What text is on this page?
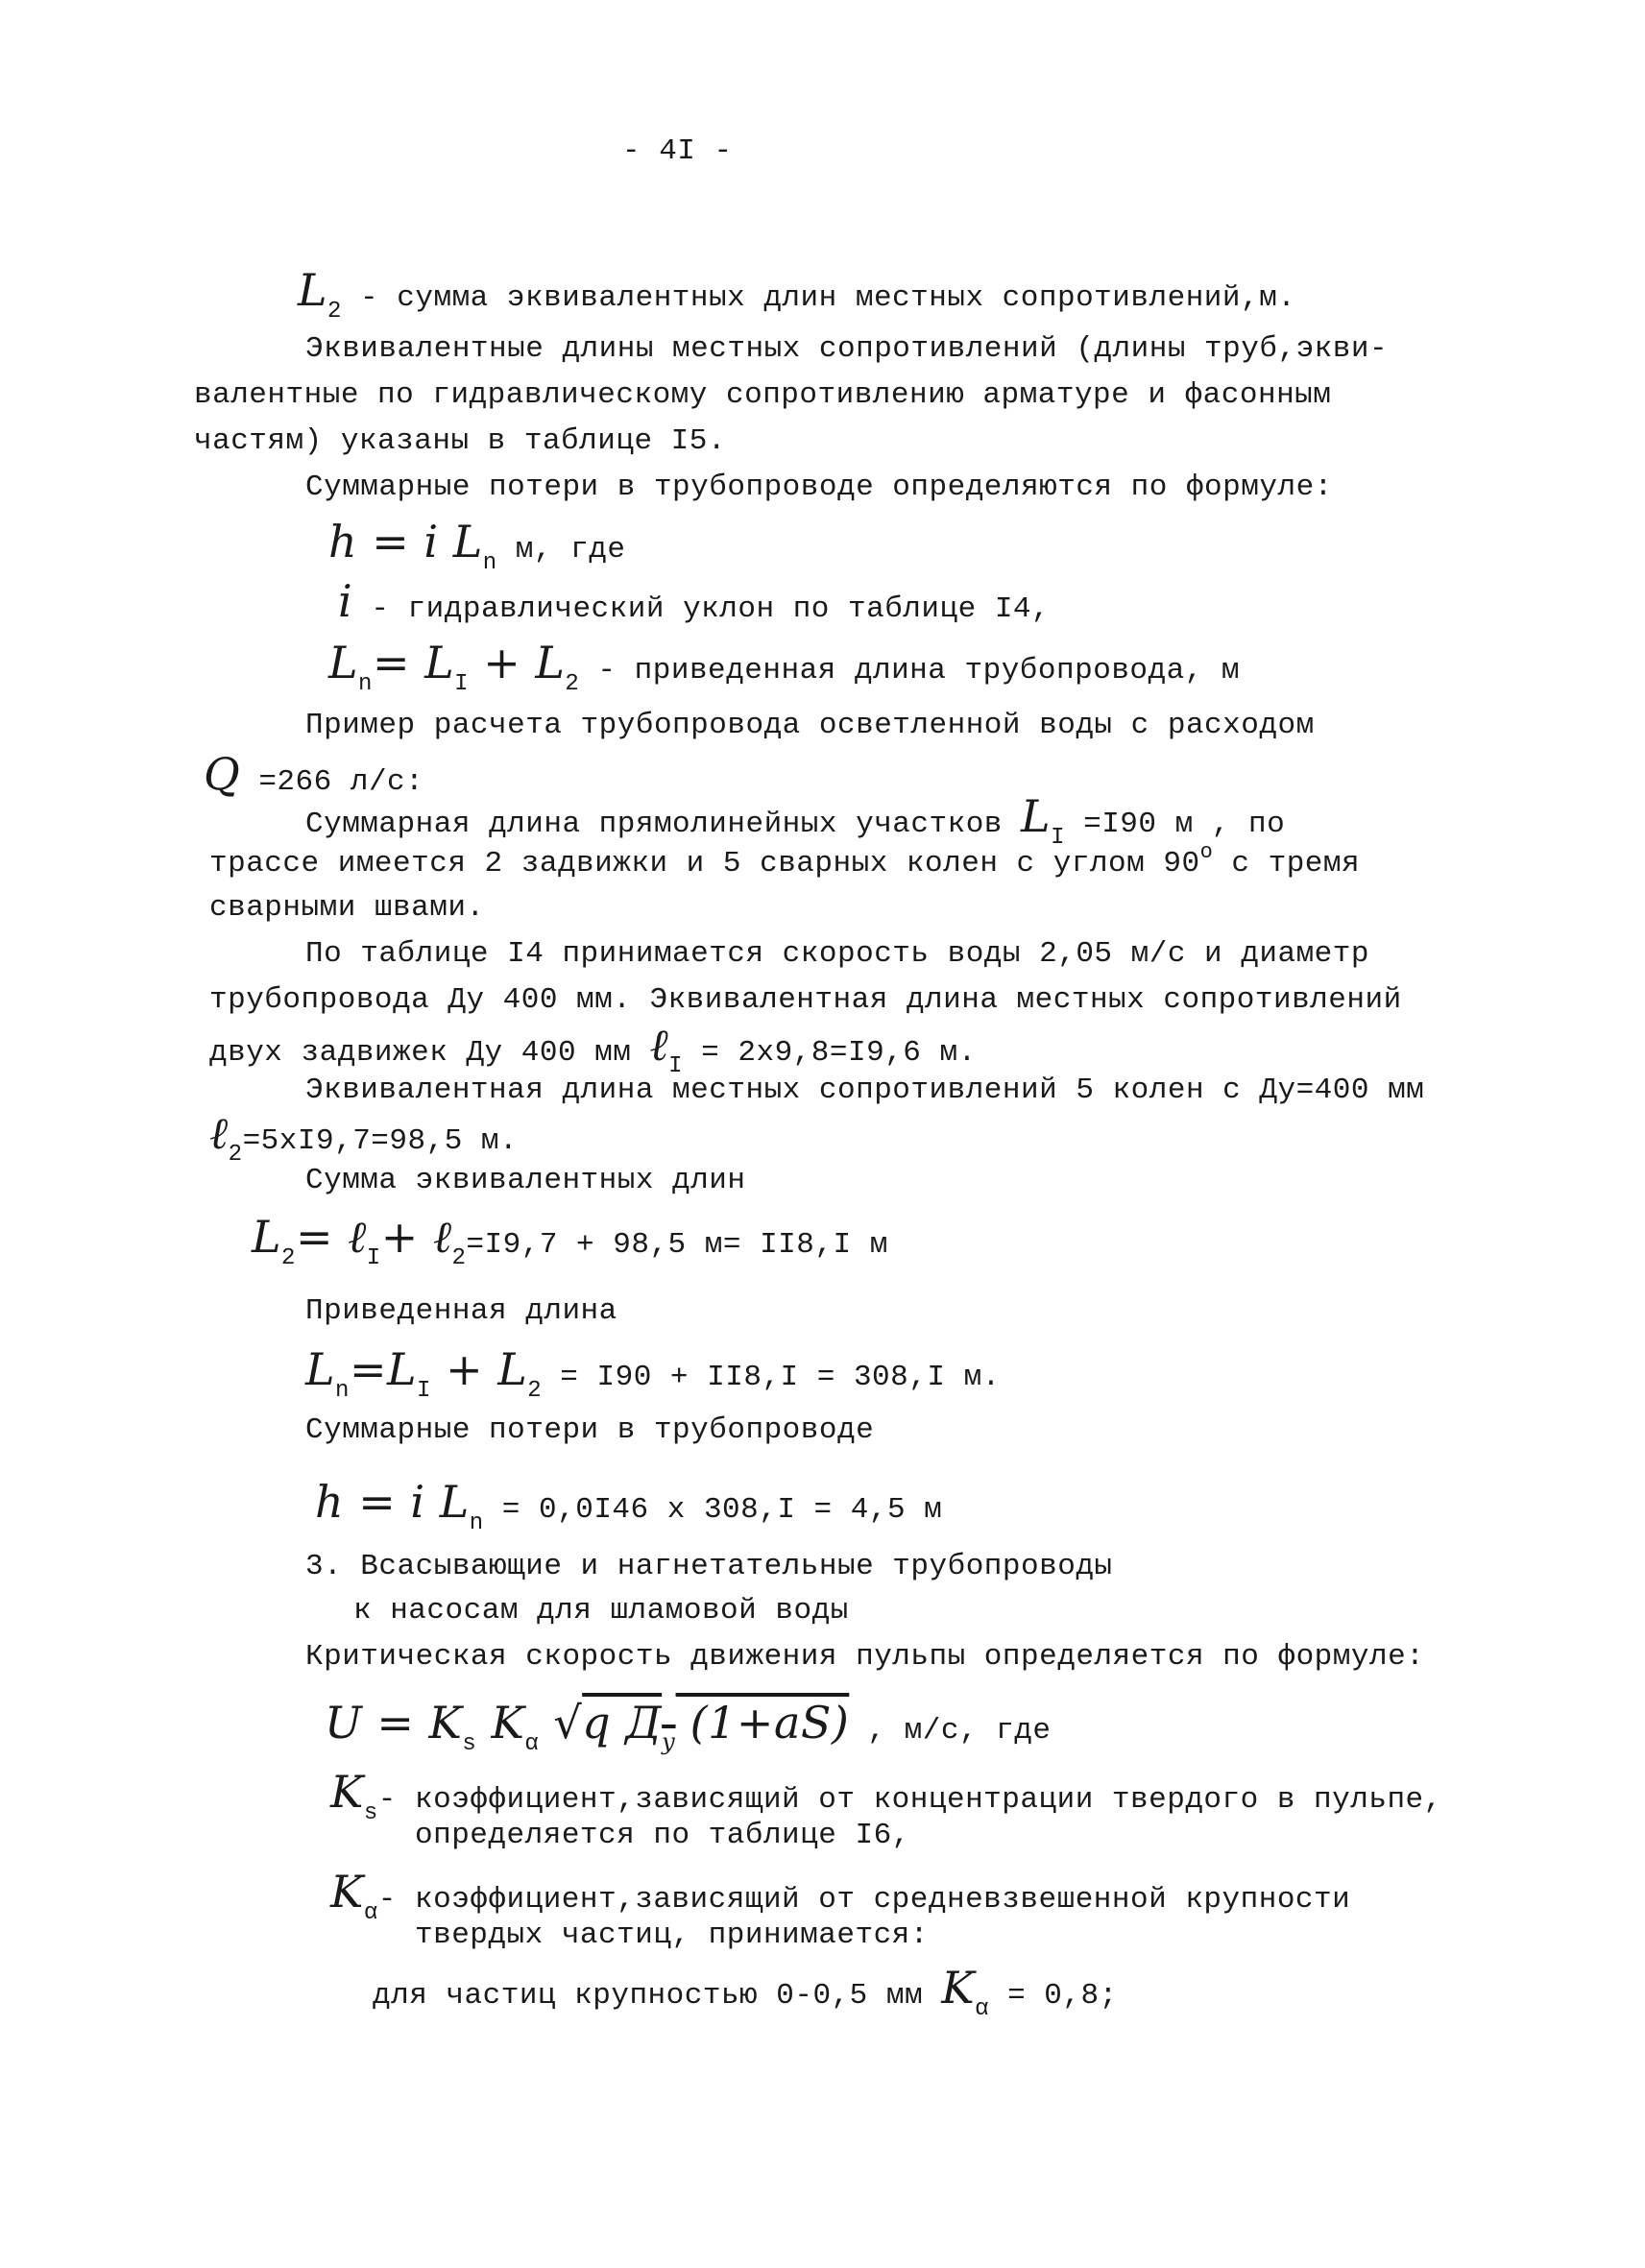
- 4I -
$L_2$ - сумма эквивалентных длин местных сопротивлений,м.
Эквивалентные длины местных сопротивлений (длины труб,экви-
валентные по гидравлическому сопротивлению арматуре и фасонным
частям) указаны в таблице I5.
Суммарные потери в трубопроводе определяются по формуле:
h = i $L_n$ м, где
i - гидравлический уклон по таблице I4,
$L_n= L_I + L_2$ - приведенная длина трубопровода, м
Пример расчета трубопровода осветленной воды с расходом
Q =266 л/с:
Суммарная длина прямолинейных участков $L_I =I90$ м , по
трассе имеется 2 задвижки и 5 сварных колен с углом $90^о$ с тремя
сварными швами.
По таблице I4 принимается скорость воды 2,05 м/с и диаметр
трубопровода Ду 400 мм. Эквивалентная длина местных сопротивлений
двух задвижек Ду 400 мм ℓ$_I$ = 2х9,8=I9,6 м.
Эквивалентная длина местных сопротивлений 5 колен с Ду=400 мм
ℓ$_2$=5хI9,7=98,5 м.
Сумма эквивалентных длин
$L_2=$ ℓ$_I$+ ℓ$_2$=I9,7 + 98,5 м= II8,I м
Приведенная длина
$L_n=L_I + L_2 = I90 + II8,I = 308,I$ м.
Суммарные потери в трубопроводе
h = i $L_n = 0,0I46$ х 308,I = 4,5 м
3. Всасывающие и нагнетательные трубопроводы
к насосам для шламовой воды
Критическая скорость движения пульпы определяется по формуле:
$U = K_s$ $K_\alpha$ √q $Д_у$ (1+aS) , м/с, где
$K_s-$ коэффициент,зависящий от концентрации твердого в пульпе,
определяется по таблице I6,
$K_\alpha-$ коэффициент,зависящий от средневзвешенной крупности
твердых частиц, принимается:
для частиц крупностью 0-0,5 мм $K_\alpha = 0,8$;
